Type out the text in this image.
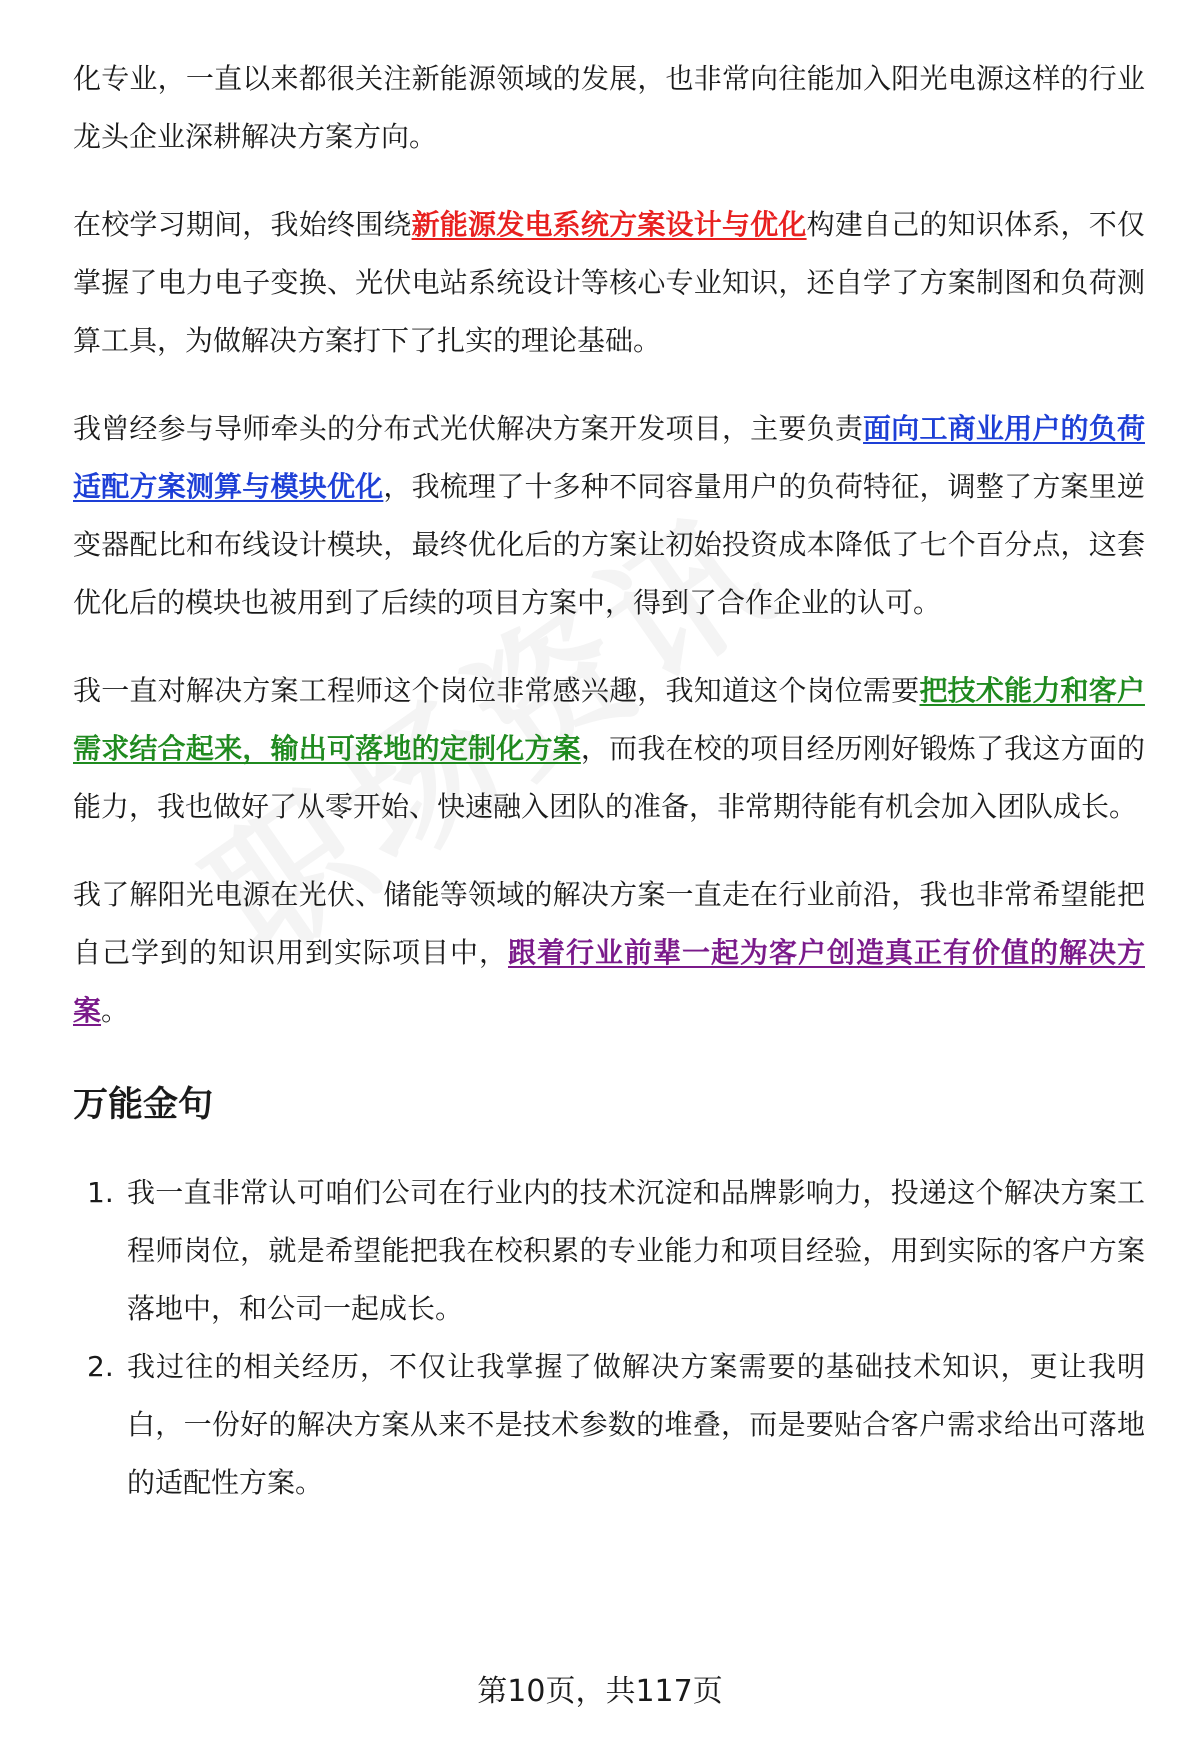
化专业，一直以来都很关注新能源领域的发展，也非常向往能加入阳光电源这样的行业龙头企业深耕解决方案方向。

在校学习期间，我始终围绕新能源发电系统方案设计与优化构建自己的知识体系，不仅掌握了电力电子变换、光伏电站系统设计等核心专业知识，还自学了方案制图和负荷测算工具，为做解决方案打下了扎实的理论基础。

我曾经参与导师牵头的分布式光伏解决方案开发项目，主要负责面向工商业用户的负荷适配方案测算与模块优化，我梳理了十多种不同容量用户的负荷特征，调整了方案里逆变器配比和布线设计模块，最终优化后的方案让初始投资成本降低了七个百分点，这套优化后的模块也被用到了后续的项目方案中，得到了合作企业的认可。

我一直对解决方案工程师这个岗位非常感兴趣，我知道这个岗位需要把技术能力和客户需求结合起来，输出可落地的定制化方案，而我在校的项目经历刚好锻炼了我这方面的能力，我也做好了从零开始、快速融入团队的准备，非常期待能有机会加入团队成长。

我了解阳光电源在光伏、储能等领域的解决方案一直走在行业前沿，我也非常希望能把自己学到的知识用到实际项目中，跟着行业前辈一起为客户创造真正有价值的解决方案。

万能金句
1. 我一直非常认可咱们公司在行业内的技术沉淀和品牌影响力，投递这个解决方案工程师岗位，就是希望能把我在校积累的专业能力和项目经验，用到实际的客户方案落地中，和公司一起成长。
2. 我过往的相关经历，不仅让我掌握了做解决方案需要的基础技术知识，更让我明白，一份好的解决方案从来不是技术参数的堆叠，而是要贴合客户需求给出可落地的适配性方案。
第10页，共117页
